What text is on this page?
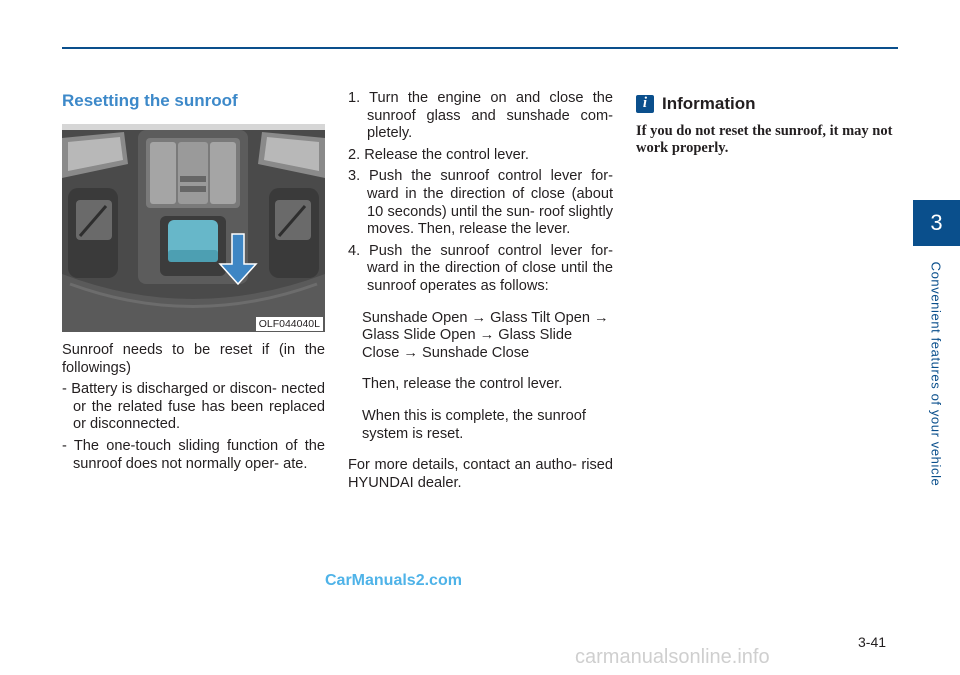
3
Convenient features of your vehicle
Resetting the sunroof
OLF044040L

Sunroof needs to be reset if (in the followings)

- Battery is discharged or discon- nected or the related fuse has been replaced or disconnected.

- The one-touch sliding function of the sunroof does not normally oper- ate.

1. Turn the engine on and close the sunroof glass and sunshade com- pletely.

2. Release the control lever.

3. Push the sunroof control lever for- ward in the direction of close (about 10 seconds) until the sun- roof slightly moves. Then, release the lever.

4. Push the sunroof control lever for- ward in the direction of close until the sunroof operates as follows:

Sunshade Open → Glass Tilt Open → Glass Slide Open → Glass Slide Close → Sunshade Close

Then, release the control lever.

When this is complete, the sunroof system is reset.

For more details, contact an autho- rised HYUNDAI dealer.

i Information

If you do not reset the sunroof, it may not work properly.

3-41
CarManuals2.com
carmanualsonline.info
